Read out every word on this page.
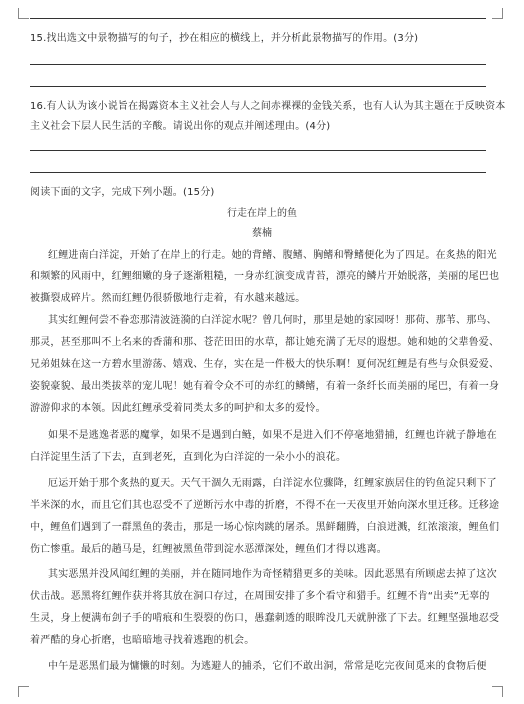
15.找出选文中景物描写的句子，抄在相应的横线上，并分析此景物描写的作用。(3分)
16.有人认为该小说旨在揭露资本主义社会人与人之间赤裸裸的金钱关系，也有人认为其主题在于反映资本
主义社会下层人民生活的辛酸。请说出你的观点并阐述理由。(4分)
阅读下面的文字，完成下列小题。(15分)
行走在岸上的鱼
蔡楠
红鲤进南白洋淀，开始了在岸上的行走。她的背鳍、腹鳍、胸鳍和臀鳍便化为了四足。在炙热的阳光
和频繁的风雨中，红鲤细嫩的身子逐渐粗糙，一身赤红演变成青苔，漂亮的鳞片开始脱落，美丽的尾巴也
被撕裂成碎片。然而红鲤仍很骄傲地行走着，有水越来越远。
其实红鲤何尝不眷恋那清波涟漪的白洋淀水呢？曾几何时，那里是她的家园呀！那荷、那苇、那鸟、
那灵，甚至那叫不上名来的香蒲和那、苍茫田田的水草，都让她充满了无尽的遐想。她和她的父辈鲁爱、
兄弟姐妹在这一方碧水里游荡、嬉戏、生存，实在是一件极大的快乐啊！夏何况红鲤是有些与众俱爱爱、
姿貌豪貌、最出类拔萃的宠儿呢！她有着令众不可的赤红的鳞鳍，有着一条纤长而美丽的尾巴，有着一身
游游仰求的本领。因此红鲤承受着同类太多的呵护和太多的爱怜。
如果不是逃逸者恶的魔掌，如果不是遇到白鲢，如果不是进入们不停毫地猎捕，红鲤也许就子静地在
白洋淀里生活了下去，直到老死，直到化为白洋淀的一朵小小的浪花。
厄运开始于那个炙热的夏天。天气干涸久无雨露，白洋淀水位骤降，红鲤家族居住的钓鱼淀只剩下了
半米深的水，而且它们其也忍受不了逆断污水中毒的折磨，不得不在一天夜里开始向深水里迁移。迁移途
中，鲤鱼们遇到了一群黑鱼的袭击，那是一场心惊肉跳的屠杀。黑鲜翻腾，白浪迸溅，红浓滚滚，鲤鱼们
伤亡惨重。最后的趟马是，红鲤被黑鱼带到淀水恶潭深处，鲤鱼们才得以逃离。
其实恶黑并没风闻红鲤的美丽，并在随同地作为奇怪精猎更多的美味。因此恶黑有所顾虑去掉了这次
伏击战。恶黑将红鲤作获并将其放在洞口存过，在周围安排了多个看守和猎手。红鲤不肯“出卖”无辜的
生灵，身上便满布剑子手的啃痕和生裂裂的伤口，愚蠢刺透的眼眸没几天就肿涨了下去。红鲤坚强地忍受
着严酷的身心折磨，也暗暗地寻找着逃跑的机会。
中午是恶黑们最为慵懒的时刻。为逃避人的捕杀，它们不敢出洞，常常是吃完夜间觅来的食物后便
